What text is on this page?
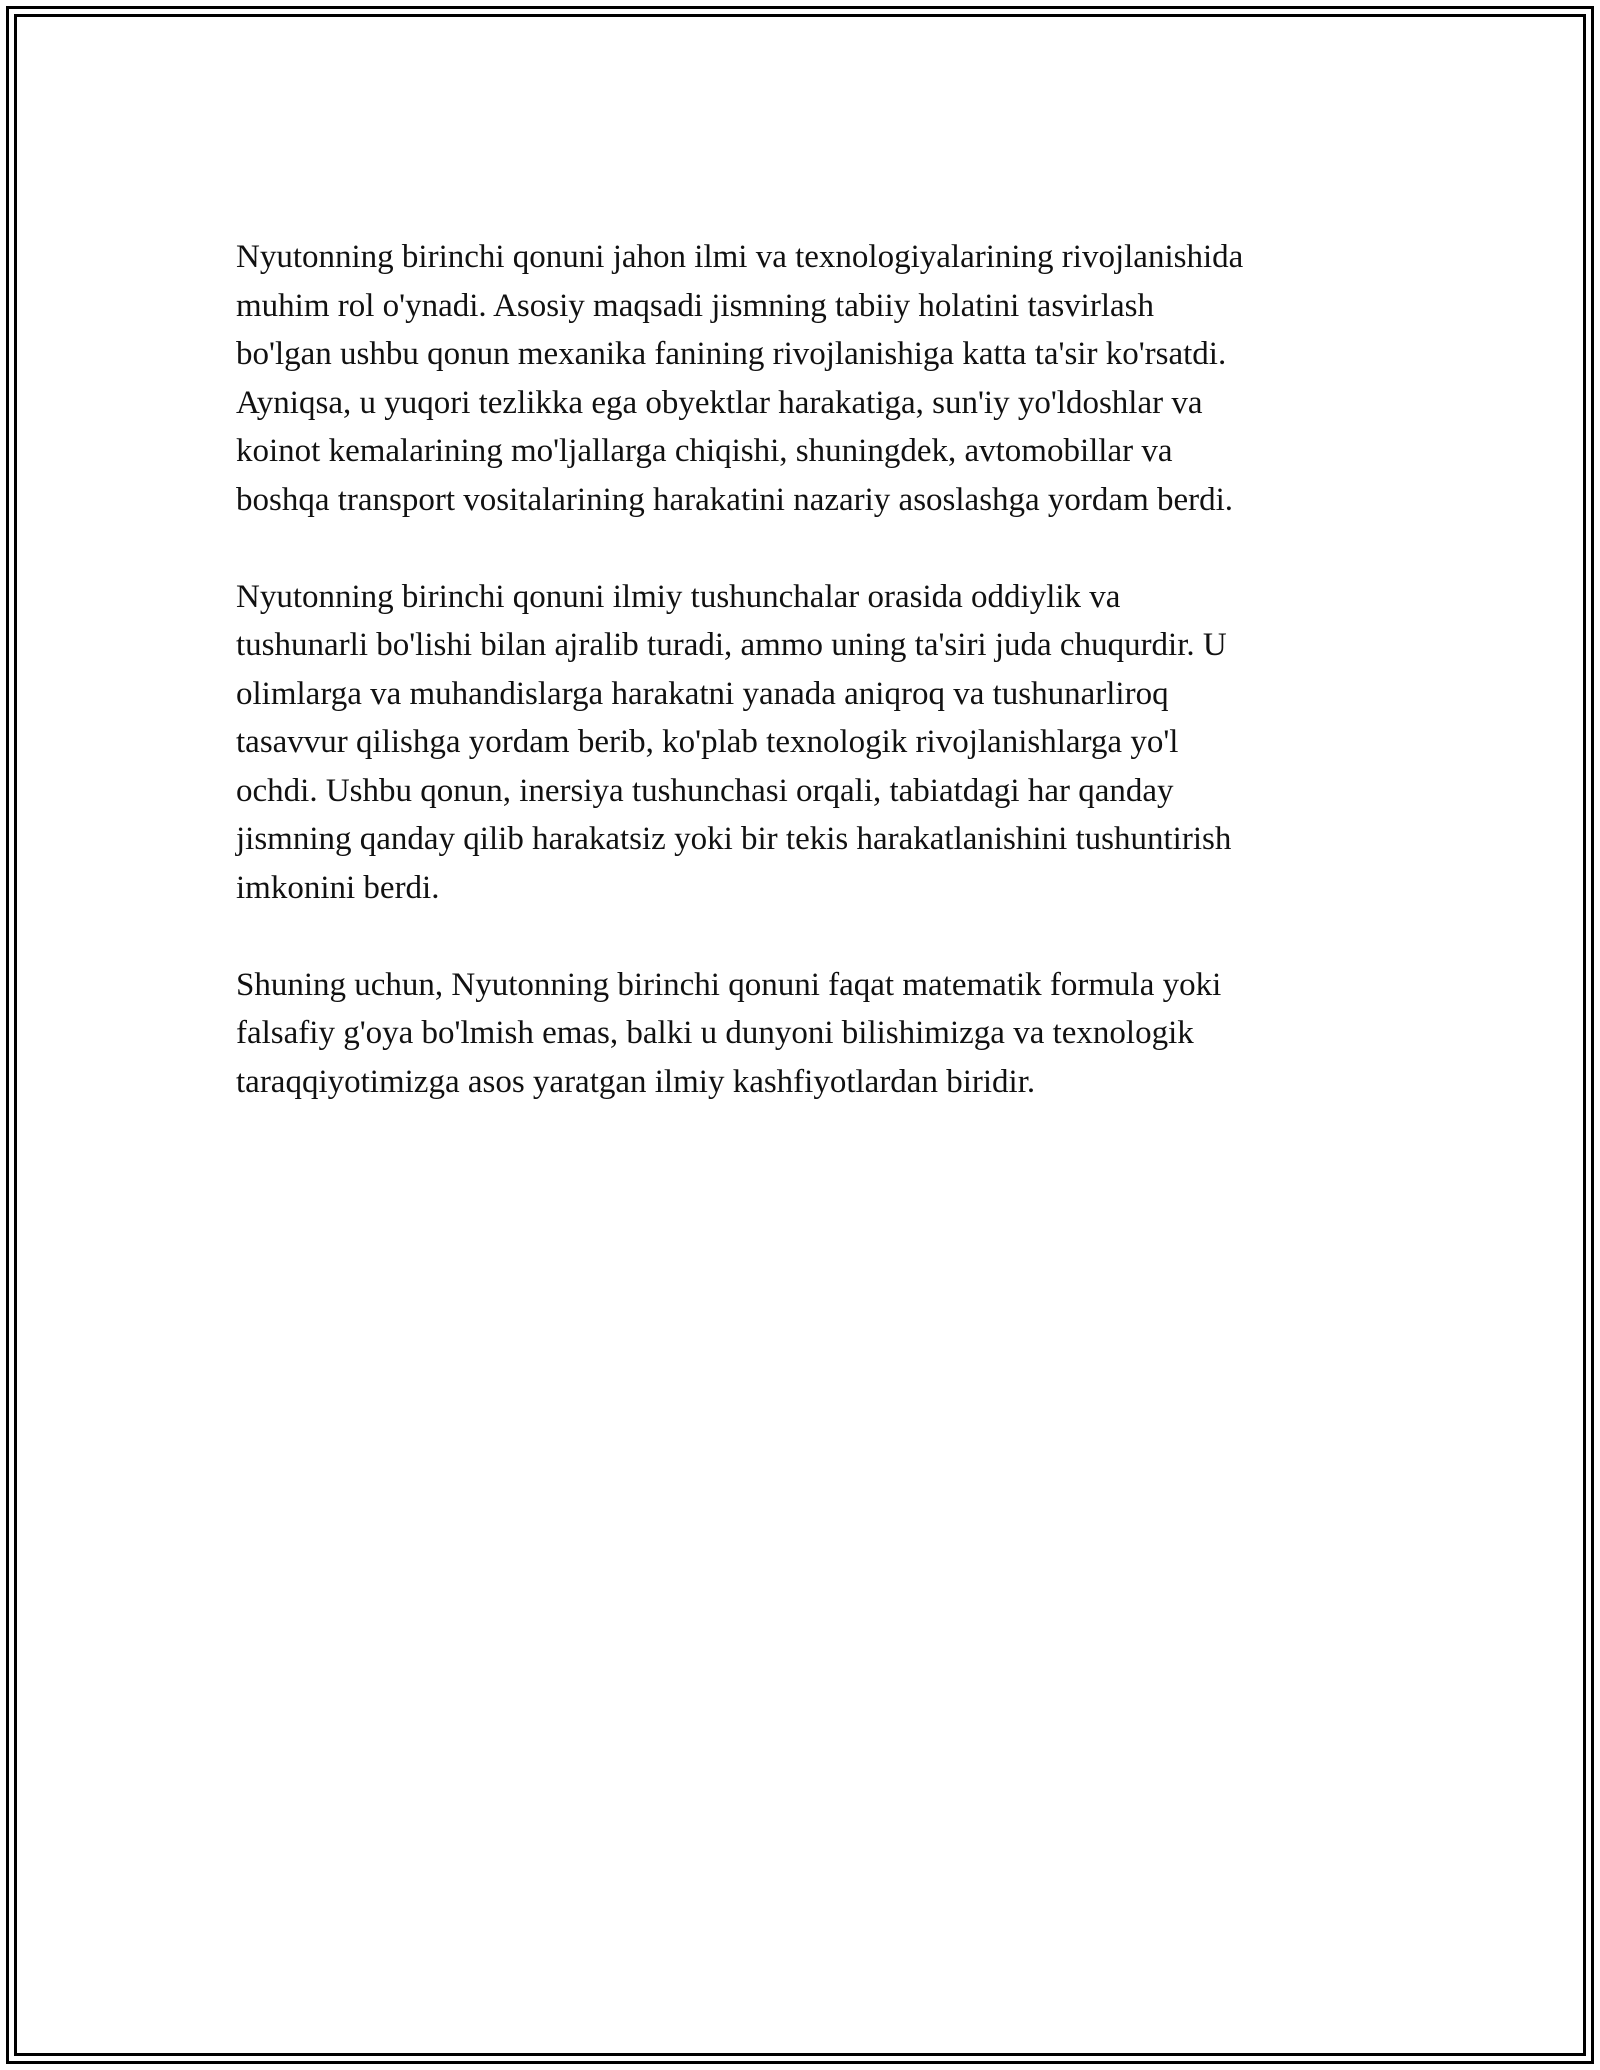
Nyutonning birinchi qonuni jahon ilmi va texnologiyalarining rivojlanishida
muhim rol o'ynadi. Asosiy maqsadi jismning tabiiy holatini tasvirlash
bo'lgan ushbu qonun mexanika fanining rivojlanishiga katta ta'sir ko'rsatdi.
Ayniqsa, u yuqori tezlikka ega obyektlar harakatiga, sun'iy yo'ldoshlar va
koinot kemalarining mo'ljallarga chiqishi, shuningdek, avtomobillar va
boshqa transport vositalarining harakatini nazariy asoslashga yordam berdi.

Nyutonning birinchi qonuni ilmiy tushunchalar orasida oddiylik va
tushunarli bo'lishi bilan ajralib turadi, ammo uning ta'siri juda chuqurdir. U
olimlarga va muhandislarga harakatni yanada aniqroq va tushunarliroq
tasavvur qilishga yordam berib, ko'plab texnologik rivojlanishlarga yo'l
ochdi. Ushbu qonun, inersiya tushunchasi orqali, tabiatdagi har qanday
jismning qanday qilib harakatsiz yoki bir tekis harakatlanishini tushuntirish
imkonini berdi.

Shuning uchun, Nyutonning birinchi qonuni faqat matematik formula yoki
falsafiy g'oya bo'lmish emas, balki u dunyoni bilishimizga va texnologik
taraqqiyotimizga asos yaratgan ilmiy kashfiyotlardan biridir.
